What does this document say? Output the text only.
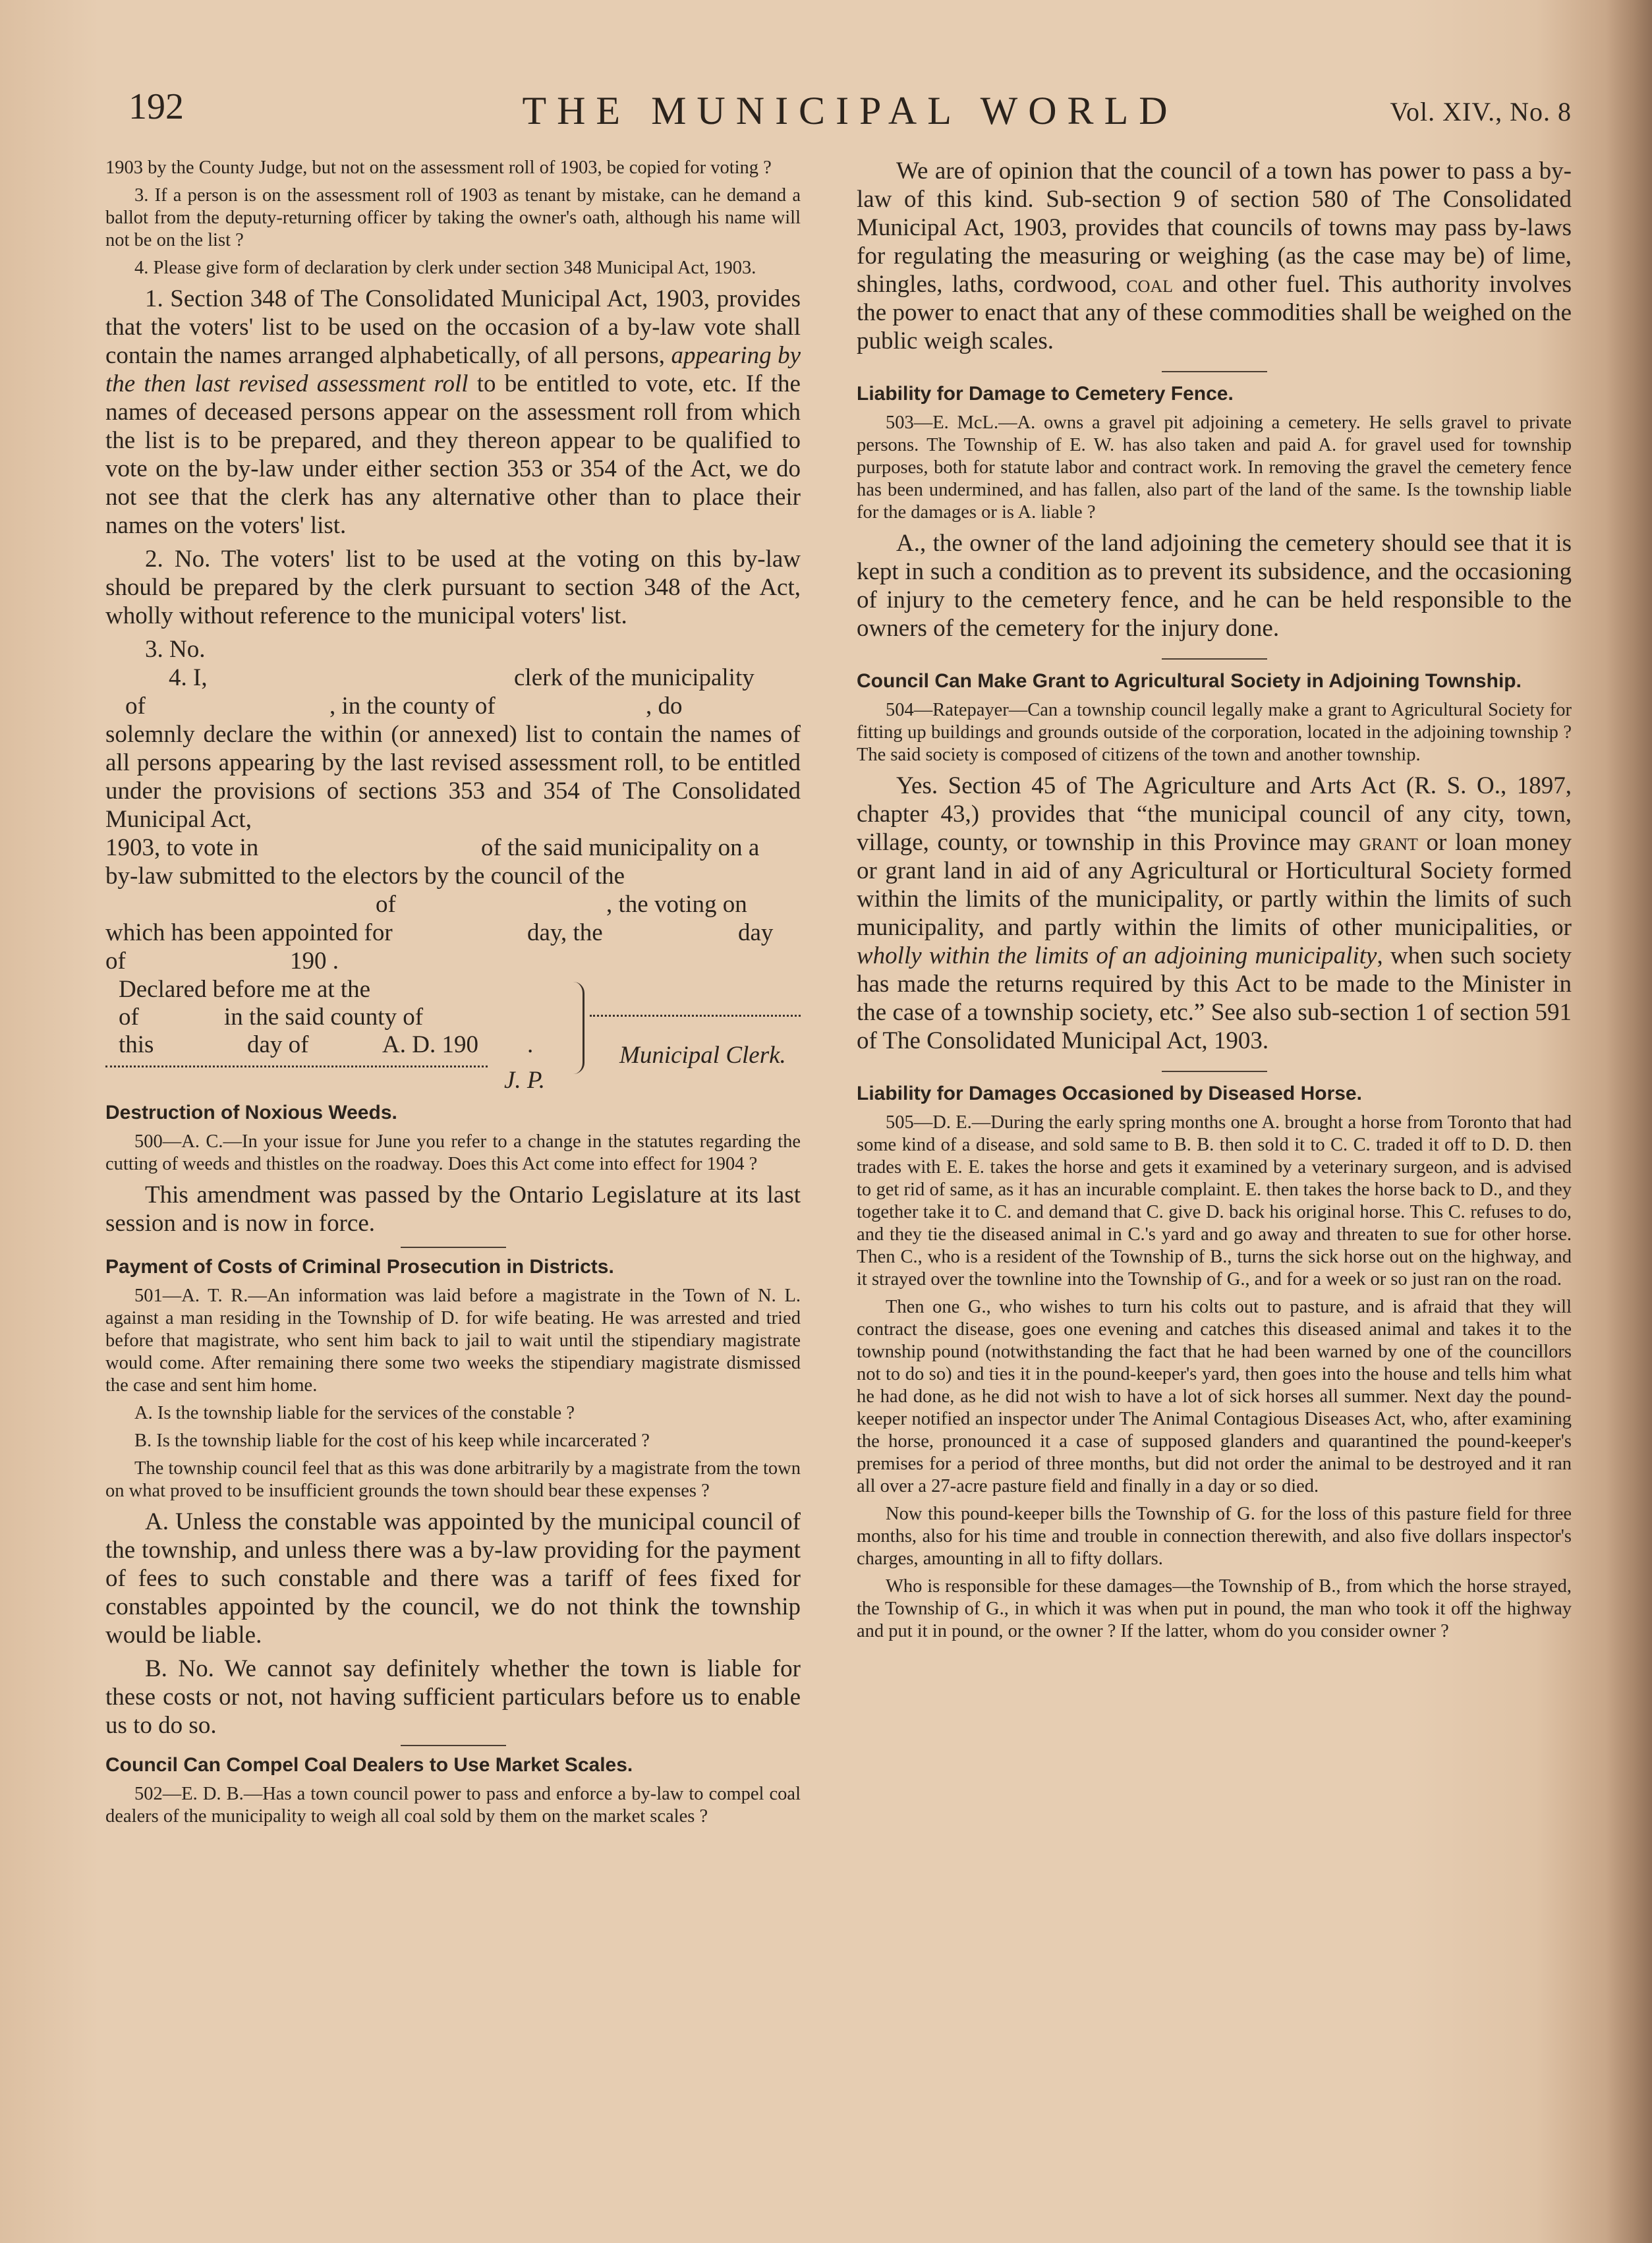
192	THE MUNICIPAL WORLD	Vol. XIV., No. 8

1903 by the County Judge, but not on the assessment roll of 1903, be copied for voting ?

3. If a person is on the assessment roll of 1903 as tenant by mistake, can he demand a ballot from the deputy-returning officer by taking the owner's oath, although his name will not be on the list ?

4. Please give form of declaration by clerk under section 348 Municipal Act, 1903.

1. Section 348 of The Consolidated Municipal Act, 1903, provides that the voters' list to be used on the occasion of a by-law vote shall contain the names arranged alphabetically, of all persons, appearing by the then last revised assessment roll to be entitled to vote, etc. If the names of deceased persons appear on the assessment roll from which the list is to be prepared, and they thereon appear to be qualified to vote on the by-law under either section 353 or 354 of the Act, we do not see that the clerk has any alternative other than to place their names on the voters' list.

2. No. The voters' list to be used at the voting on this by-law should be prepared by the clerk pursuant to section 348 of the Act, wholly without reference to the municipal voters' list.

3. No.

4. I,	clerk of the municipality
of	, in the county of	, do

solemnly declare the within (or annexed) list to contain the names of all persons appearing by the last revised assessment roll, to be entitled under the provisions of sections 353 and 354 of The Consolidated Municipal Act,

1903, to vote in	of the said municipality on a
by-law submitted to the electors by the council of the
of	, the voting on
which has been appointed for	day, the	day
of	190 .
Declared before me at the
of	in the said county of
this	day of	A. D. 190 .	Municipal Clerk.
J. P.
Destruction of Noxious Weeds.

500—A. C.—In your issue for June you refer to a change in the statutes regarding the cutting of weeds and thistles on the roadway. Does this Act come into effect for 1904 ?

This amendment was passed by the Ontario Legislature at its last session and is now in force.

Payment of Costs of Criminal Prosecution in Districts.

501—A. T. R.—An information was laid before a magistrate in the Town of N. L. against a man residing in the Township of D. for wife beating. He was arrested and tried before that magistrate, who sent him back to jail to wait until the stipendiary magistrate would come. After remaining there some two weeks the stipendiary magistrate dismissed the case and sent him home.

A. Is the township liable for the services of the constable ?

B. Is the township liable for the cost of his keep while incarcerated ?

The township council feel that as this was done arbitrarily by a magistrate from the town on what proved to be insufficient grounds the town should bear these expenses ?

A. Unless the constable was appointed by the municipal council of the township, and unless there was a by-law providing for the payment of fees to such constable and there was a tariff of fees fixed for constables appointed by the council, we do not think the township would be liable.

B. No. We cannot say definitely whether the town is liable for these costs or not, not having sufficient particulars before us to enable us to do so.

Council Can Compel Coal Dealers to Use Market Scales.

502—E. D. B.—Has a town council power to pass and enforce a by-law to compel coal dealers of the municipality to weigh all coal sold by them on the market scales ?

We are of opinion that the council of a town has power to pass a by-law of this kind. Sub-section 9 of section 580 of The Consolidated Municipal Act, 1903, provides that councils of towns may pass by-laws for regulating the measuring or weighing (as the case may be) of lime, shingles, laths, cordwood, coal and other fuel. This authority involves the power to enact that any of these commodities shall be weighed on the public weigh scales.

Liability for Damage to Cemetery Fence.

503—E. McL.—A. owns a gravel pit adjoining a cemetery. He sells gravel to private persons. The Township of E. W. has also taken and paid A. for gravel used for township purposes, both for statute labor and contract work. In removing the gravel the cemetery fence has been undermined, and has fallen, also part of the land of the same. Is the township liable for the damages or is A. liable ?

A., the owner of the land adjoining the cemetery should see that it is kept in such a condition as to prevent its subsidence, and the occasioning of injury to the cemetery fence, and he can be held responsible to the owners of the cemetery for the injury done.

Council Can Make Grant to Agricultural Society in Adjoining Township.

504—Ratepayer—Can a township council legally make a grant to Agricultural Society for fitting up buildings and grounds outside of the corporation, located in the adjoining township ? The said society is composed of citizens of the town and another township.

Yes. Section 45 of The Agriculture and Arts Act (R. S. O., 1897, chapter 43,) provides that “the municipal council of any city, town, village, county, or township in this Province may grant or loan money or grant land in aid of any Agricultural or Horticultural Society formed within the limits of the municipality, or partly within the limits of such municipality, and partly within the limits of other municipalities, or wholly within the limits of an adjoining municipality, when such society has made the returns required by this Act to be made to the Minister in the case of a township society, etc.” See also sub-section 1 of section 591 of The Consolidated Municipal Act, 1903.

Liability for Damages Occasioned by Diseased Horse.

505—D. E.—During the early spring months one A. brought a horse from Toronto that had some kind of a disease, and sold same to B. B. then sold it to C. C. traded it off to D. D. then trades with E. E. takes the horse and gets it examined by a veterinary surgeon, and is advised to get rid of same, as it has an incurable complaint. E. then takes the horse back to D., and they together take it to C. and demand that C. give D. back his original horse. This C. refuses to do, and they tie the diseased animal in C.'s yard and go away and threaten to sue for other horse. Then C., who is a resident of the Township of B., turns the sick horse out on the highway, and it strayed over the townline into the Township of G., and for a week or so just ran on the road.

Then one G., who wishes to turn his colts out to pasture, and is afraid that they will contract the disease, goes one evening and catches this diseased animal and takes it to the township pound (notwithstanding the fact that he had been warned by one of the councillors not to do so) and ties it in the pound-keeper's yard, then goes into the house and tells him what he had done, as he did not wish to have a lot of sick horses all summer. Next day the pound-keeper notified an inspector under The Animal Contagious Diseases Act, who, after examining the horse, pronounced it a case of supposed glanders and quarantined the pound-keeper's premises for a period of three months, but did not order the animal to be destroyed and it ran all over a 27-acre pasture field and finally in a day or so died.

Now this pound-keeper bills the Township of G. for the loss of this pasture field for three months, also for his time and trouble in connection therewith, and also five dollars inspector's charges, amounting in all to fifty dollars.

Who is responsible for these damages—the Township of B., from which the horse strayed, the Township of G., in which it was when put in pound, the man who took it off the highway and put it in pound, or the owner ? If the latter, whom do you consider owner ?
